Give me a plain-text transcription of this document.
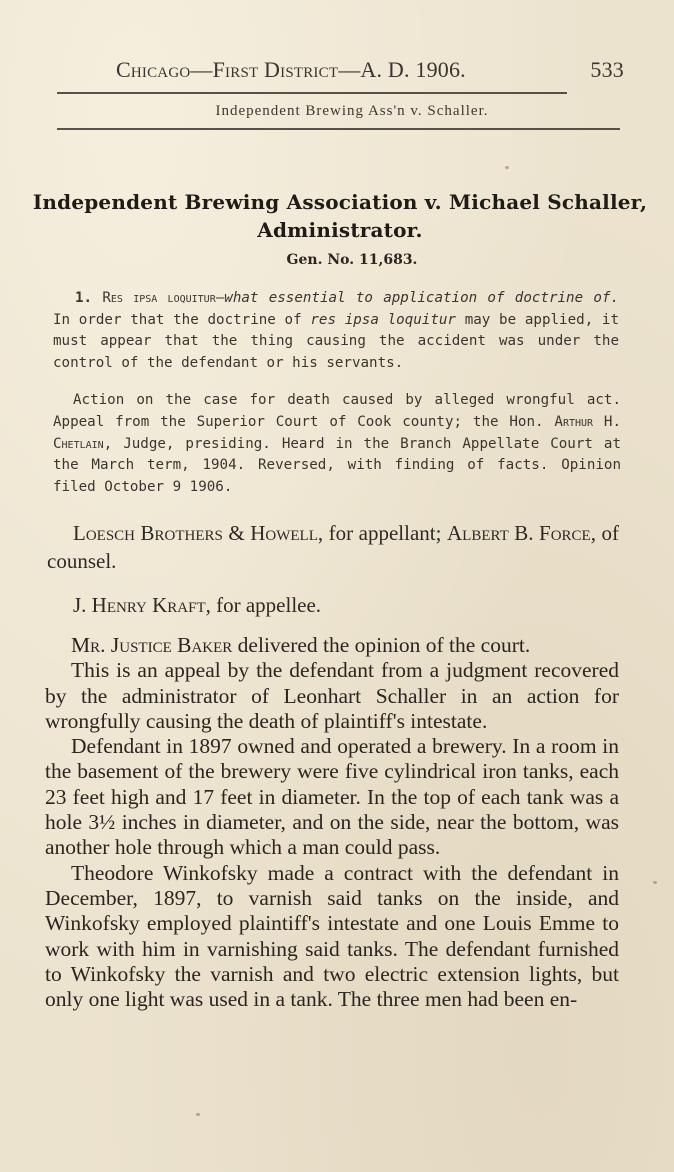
Chicago—First District—A. D. 1906.	533
Independent Brewing Ass'n v. Schaller.
Independent Brewing Association v. Michael Schaller,
Administrator.
Gen. No. 11,683.
1. Res ipsa loquitur—what essential to application of doctrine of. In order that the doctrine of res ipsa loquitur may be applied, it must appear that the thing causing the accident was under the control of the defendant or his servants.
Action on the case for death caused by alleged wrongful act. Appeal from the Superior Court of Cook county; the Hon. Arthur H. Chetlain, Judge, presiding. Heard in the Branch Appellate Court at the March term, 1904. Reversed, with finding of facts. Opinion filed October 9 1906.
Loesch Brothers & Howell, for appellant; Albert B. Force, of counsel.
J. Henry Kraft, for appellee.

Mr. Justice Baker delivered the opinion of the court.

This is an appeal by the defendant from a judgment recovered by the administrator of Leonhart Schaller in an action for wrongfully causing the death of plaintiff's intestate.

Defendant in 1897 owned and operated a brewery. In a room in the basement of the brewery were five cylindrical iron tanks, each 23 feet high and 17 feet in diameter. In the top of each tank was a hole 3½ inches in diameter, and on the side, near the bottom, was another hole through which a man could pass.

Theodore Winkofsky made a contract with the defendant in December, 1897, to varnish said tanks on the inside, and Winkofsky employed plaintiff's intestate and one Louis Emme to work with him in varnishing said tanks. The defendant furnished to Winkofsky the varnish and two electric extension lights, but only one light was used in a tank. The three men had been en-
